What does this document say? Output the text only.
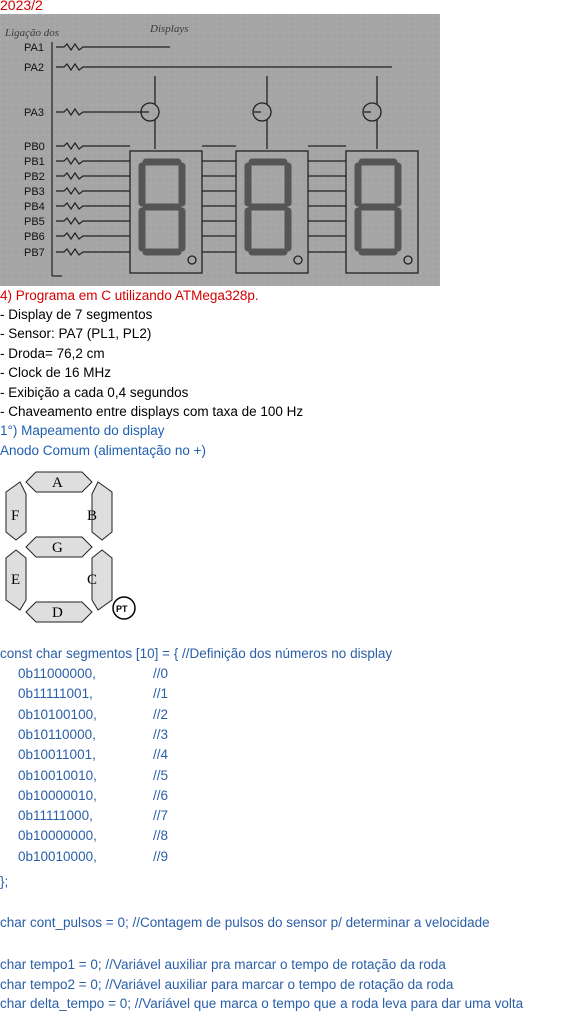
2023/2
Ligação dos	Displays
PA1
PA2
PA3
PB0
PB1
PB2
PB3
PB4
PB5
PB6
PB7
4) Programa em C utilizando ATMega328p.
- Display de 7 segmentos
- Sensor: PA7 (PL1, PL2)
- Droda= 76,2 cm
- Clock de 16 MHz
- Exibição a cada 0,4 segundos
- Chaveamento entre displays com taxa de 100 Hz
1°) Mapeamento do display
Anodo Comum (alimentação no +)
A
B
C
D
E
F
G
PT
const char segmentos [10] = { //Definição dos números no display
0b11000000,	//0
0b11111001,	//1
0b10100100,	//2
0b10110000,	//3
0b10011001,	//4
0b10010010,	//5
0b10000010,	//6
0b11111000,	//7
0b10000000,	//8
0b10010000,	//9
};
char cont_pulsos = 0; //Contagem de pulsos do sensor p/ determinar a velocidade
char tempo1 = 0; //Variável auxiliar pra marcar o tempo de rotação da roda
char tempo2 = 0; //Variável auxiliar para marcar o tempo de rotação da roda
char delta_tempo = 0; //Variável que marca o tempo que a roda leva para dar uma volta
